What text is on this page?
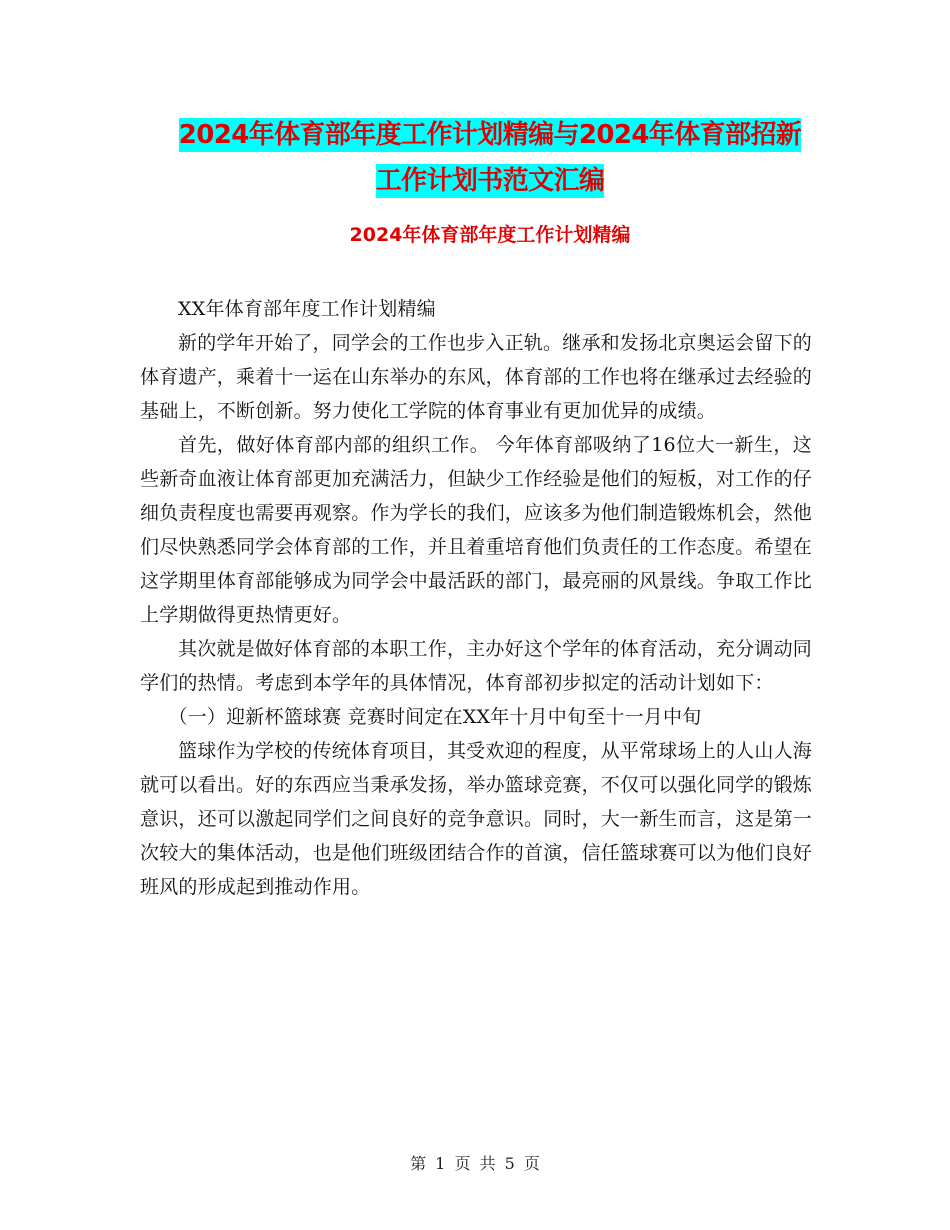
2024年体育部年度工作计划精编与2024年体育部招新
工作计划书范文汇编
2024年体育部年度工作计划精编

XX年体育部年度工作计划精编

新的学年开始了，同学会的工作也步入正轨。继承和发扬北京奥运会留下的体育遗产，乘着十一运在山东举办的东风，体育部的工作也将在继承过去经验的基础上，不断创新。努力使化工学院的体育事业有更加优异的成绩。

首先，做好体育部内部的组织工作。 今年体育部吸纳了16位大一新生，这些新奇血液让体育部更加充满活力，但缺少工作经验是他们的短板，对工作的仔细负责程度也需要再观察。作为学长的我们，应该多为他们制造锻炼机会，然他们尽快熟悉同学会体育部的工作，并且着重培育他们负责任的工作态度。希望在这学期里体育部能够成为同学会中最活跃的部门，最亮丽的风景线。争取工作比上学期做得更热情更好。

其次就是做好体育部的本职工作，主办好这个学年的体育活动，充分调动同学们的热情。考虑到本学年的具体情况，体育部初步拟定的活动计划如下：

（一）迎新杯篮球赛 竞赛时间定在XX年十月中旬至十一月中旬

篮球作为学校的传统体育项目，其受欢迎的程度，从平常球场上的人山人海就可以看出。好的东西应当秉承发扬，举办篮球竞赛，不仅可以强化同学的锻炼意识，还可以激起同学们之间良好的竞争意识。同时，大一新生而言，这是第一次较大的集体活动，也是他们班级团结合作的首演，信任篮球赛可以为他们良好班风的形成起到推动作用。

第 1 页 共 5 页
